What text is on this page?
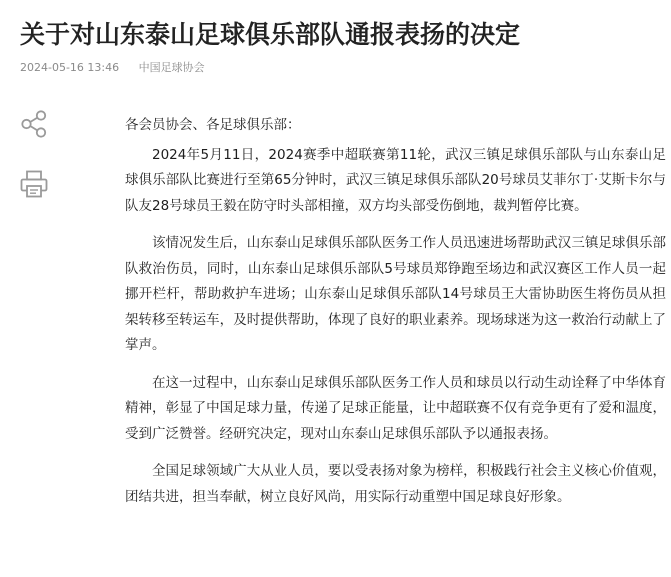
关于对山东泰山足球俱乐部队通报表扬的决定
2024-05-16 13:46 中国足球协会

各会员协会、各足球俱乐部：

2024年5月11日，2024赛季中超联赛第11轮，武汉三镇足球俱乐部队与山东泰山足球俱乐部队比赛进行至第65分钟时，武汉三镇足球俱乐部队20号球员艾菲尔丁·艾斯卡尔与队友28号球员王毅在防守时头部相撞，双方均头部受伤倒地，裁判暂停比赛。

该情况发生后，山东泰山足球俱乐部队医务工作人员迅速进场帮助武汉三镇足球俱乐部队救治伤员，同时，山东泰山足球俱乐部队5号球员郑铮跑至场边和武汉赛区工作人员一起挪开栏杆，帮助救护车进场；山东泰山足球俱乐部队14号球员王大雷协助医生将伤员从担架转移至转运车，及时提供帮助，体现了良好的职业素养。现场球迷为这一救治行动献上了掌声。

在这一过程中，山东泰山足球俱乐部队医务工作人员和球员以行动生动诠释了中华体育精神，彰显了中国足球力量，传递了足球正能量，让中超联赛不仅有竞争更有了爱和温度，受到广泛赞誉。经研究决定，现对山东泰山足球俱乐部队予以通报表扬。

全国足球领域广大从业人员，要以受表扬对象为榜样，积极践行社会主义核心价值观，团结共进，担当奉献，树立良好风尚，用实际行动重塑中国足球良好形象。
